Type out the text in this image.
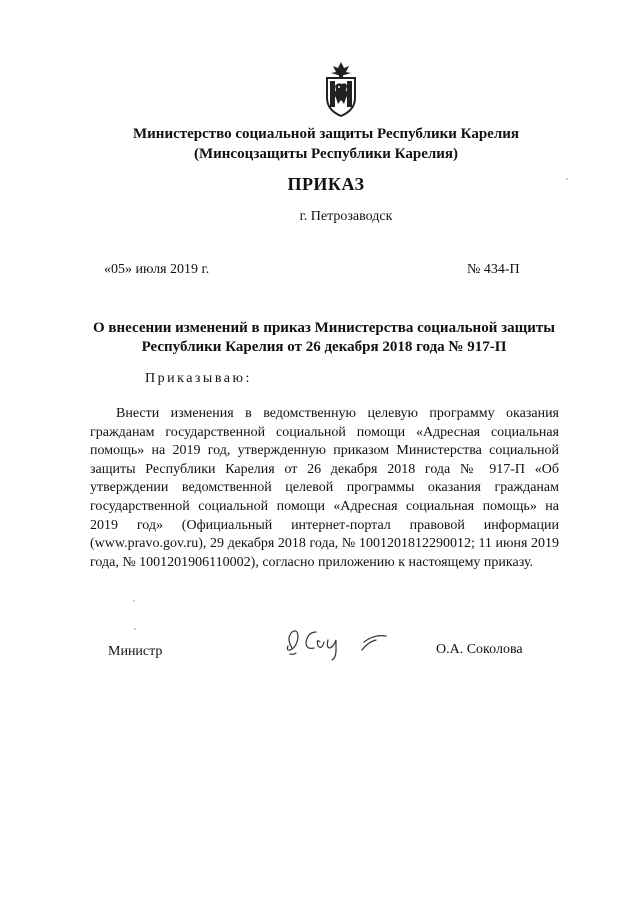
Министерство социальной защиты Республики Карелия
(Минсоцзащиты Республики Карелия)
ПРИКАЗ
г. Петрозаводск
«05» июля 2019 г.	№ 434-П
О внесении изменений в приказ Министерства социальной защиты
Республики Карелия от 26 декабря 2018 года № 917-П
Приказываю:

Внести изменения в ведомственную целевую программу оказания гражданам государственной социальной помощи «Адресная социальная помощь» на 2019 год, утвержденную приказом Министерства социальной защиты Республики Карелия от 26 декабря 2018 года № 917-П «Об утверждении ведомственной целевой программы оказания гражданам государственной социальной помощи «Адресная социальная помощь» на 2019 год» (Официальный интернет-портал правовой информации (www.pravo.gov.ru), 29 декабря 2018 года, № 1001201812290012; 11 июня 2019 года, № 1001201906110002), согласно приложению к настоящему приказу.

Министр	О.А. Соколова
